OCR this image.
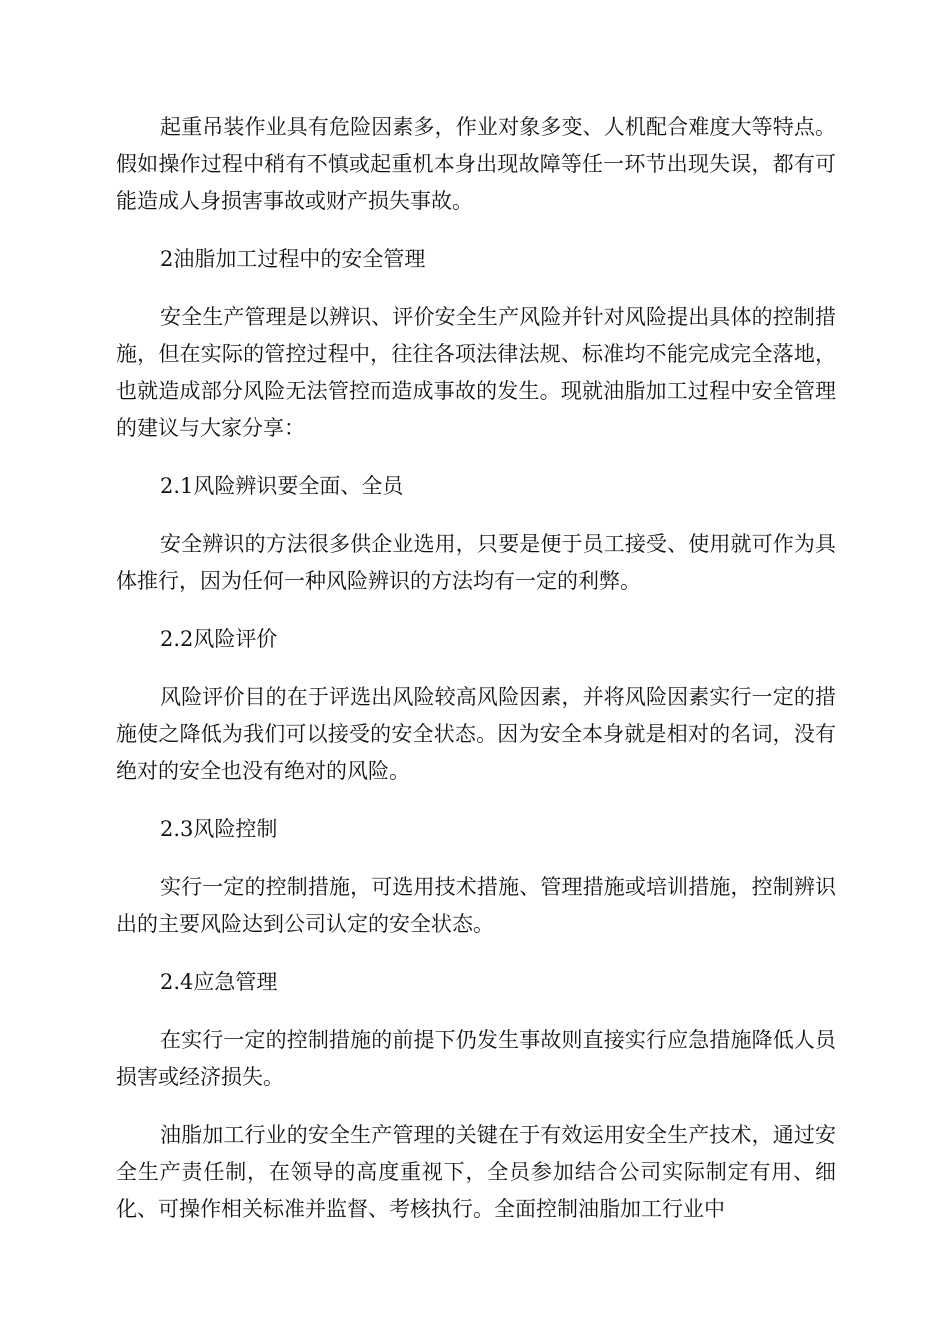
起重吊装作业具有危险因素多，作业对象多变、人机配合难度大等特点。假如操作过程中稍有不慎或起重机本身出现故障等任一环节出现失误，都有可能造成人身损害事故或财产损失事故。

2油脂加工过程中的安全管理

安全生产管理是以辨识、评价安全生产风险并针对风险提出具体的控制措施，但在实际的管控过程中，往往各项法律法规、标准均不能完成完全落地，也就造成部分风险无法管控而造成事故的发生。现就油脂加工过程中安全管理的建议与大家分享：

2.1风险辨识要全面、全员

安全辨识的方法很多供企业选用，只要是便于员工接受、使用就可作为具体推行，因为任何一种风险辨识的方法均有一定的利弊。

2.2风险评价

风险评价目的在于评选出风险较高风险因素，并将风险因素实行一定的措施使之降低为我们可以接受的安全状态。因为安全本身就是相对的名词，没有绝对的安全也没有绝对的风险。

2.3风险控制

实行一定的控制措施，可选用技术措施、管理措施或培训措施，控制辨识出的主要风险达到公司认定的安全状态。

2.4应急管理

在实行一定的控制措施的前提下仍发生事故则直接实行应急措施降低人员损害或经济损失。

油脂加工行业的安全生产管理的关键在于有效运用安全生产技术，通过安全生产责任制，在领导的高度重视下，全员参加结合公司实际制定有用、细化、可操作相关标准并监督、考核执行。全面控制油脂加工行业中
